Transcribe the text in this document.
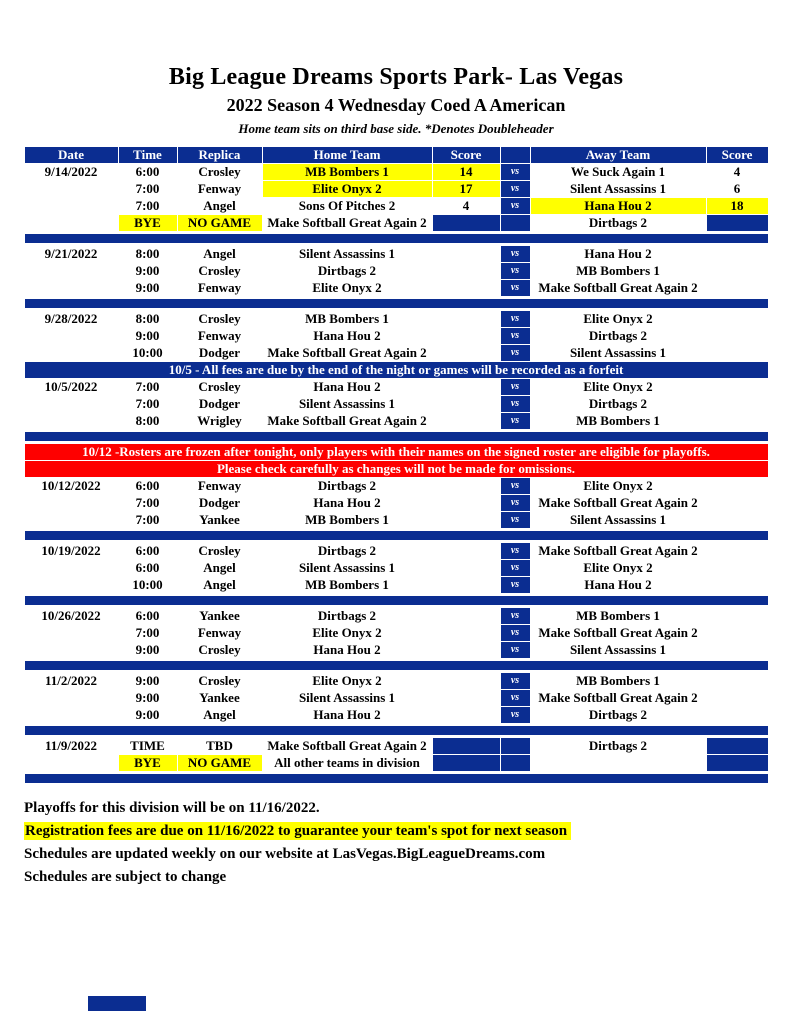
Big League Dreams Sports Park- Las Vegas
2022 Season 4 Wednesday Coed A American
Home team sits on third base side. *Denotes Doubleheader
Date	Time	Replica	Home Team	Score		Away Team	Score
9/14/2022	6:00	Crosley	MB Bombers 1	14	vs	We Suck Again 1	4
	7:00	Fenway	Elite Onyx 2	17	vs	Silent Assassins 1	6
	7:00	Angel	Sons Of Pitches 2	4	vs	Hana Hou 2	18
	BYE	NO GAME	Make Softball Great Again 2			Dirtbags 2	

9/21/2022	8:00	Angel	Silent Assassins 1		vs	Hana Hou 2	
	9:00	Crosley	Dirtbags 2		vs	MB Bombers 1	
	9:00	Fenway	Elite Onyx 2		vs	Make Softball Great Again 2	

9/28/2022	8:00	Crosley	MB Bombers 1		vs	Elite Onyx 2	
	9:00	Fenway	Hana Hou 2		vs	Dirtbags 2	
	10:00	Dodger	Make Softball Great Again 2		vs	Silent Assassins 1	
10/5 - All fees are due by the end of the night or games will be recorded as a forfeit							
10/5/2022	7:00	Crosley	Hana Hou 2		vs	Elite Onyx 2	
	7:00	Dodger	Silent Assassins 1		vs	Dirtbags 2	
	8:00	Wrigley	Make Softball Great Again 2		vs	MB Bombers 1	

10/12 -Rosters are frozen after tonight, only players with their names on the signed roster are eligible for playoffs.							
Please check carefully as changes will not be made for omissions.							
10/12/2022	6:00	Fenway	Dirtbags 2		vs	Elite Onyx 2	
	7:00	Dodger	Hana Hou 2		vs	Make Softball Great Again 2	
	7:00	Yankee	MB Bombers 1		vs	Silent Assassins 1	

10/19/2022	6:00	Crosley	Dirtbags 2		vs	Make Softball Great Again 2	
	6:00	Angel	Silent Assassins 1		vs	Elite Onyx 2	
	10:00	Angel	MB Bombers 1		vs	Hana Hou 2	

10/26/2022	6:00	Yankee	Dirtbags 2		vs	MB Bombers 1	
	7:00	Fenway	Elite Onyx 2		vs	Make Softball Great Again 2	
	9:00	Crosley	Hana Hou 2		vs	Silent Assassins 1	

11/2/2022	9:00	Crosley	Elite Onyx 2		vs	MB Bombers 1	
	9:00	Yankee	Silent Assassins 1		vs	Make Softball Great Again 2	
	9:00	Angel	Hana Hou 2		vs	Dirtbags 2	

11/9/2022	TIME	TBD	Make Softball Great Again 2			Dirtbags 2	
	BYE	NO GAME	All other teams in division				

Playoffs for this division will be on 11/16/2022.
Registration fees are due on 11/16/2022 to guarantee your team's spot for next season
Schedules are updated weekly on our website at LasVegas.BigLeagueDreams.com
Schedules are subject to change
